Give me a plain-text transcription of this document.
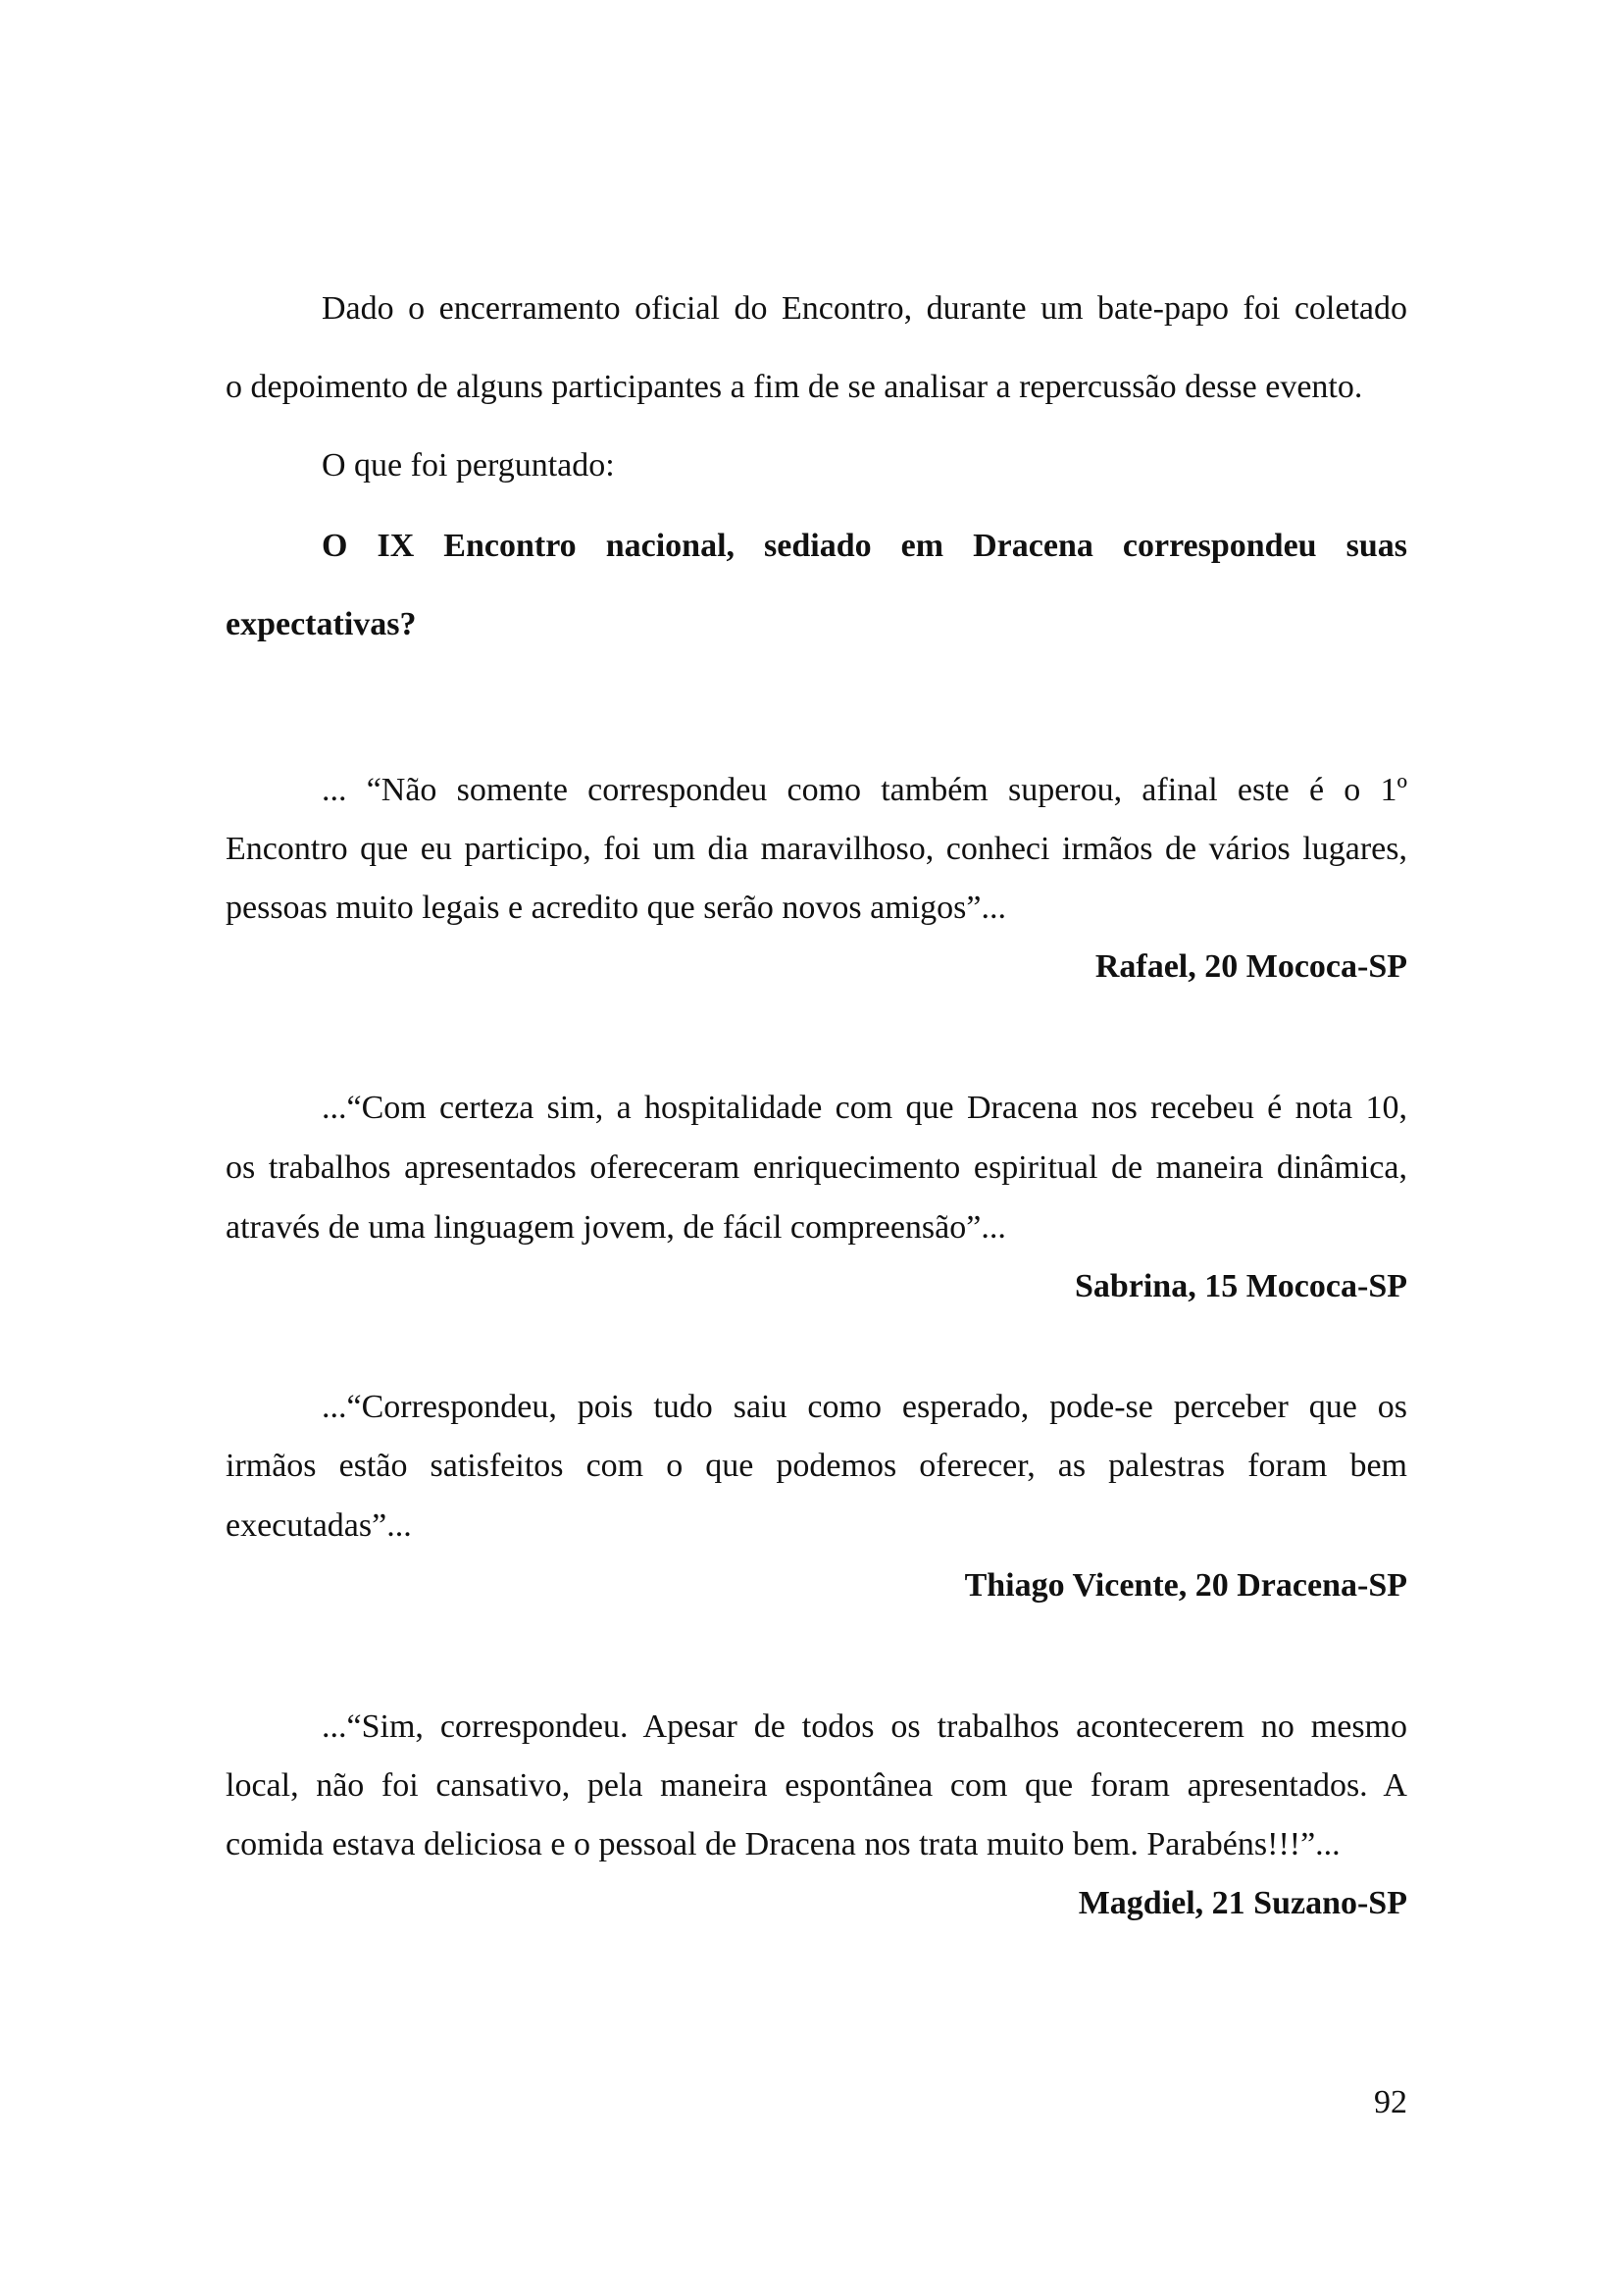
Dado o encerramento oficial do Encontro, durante um bate-papo foi coletado
o depoimento de alguns participantes a fim de se analisar a repercussão desse evento.
O que foi perguntado:
O IX Encontro nacional, sediado em Dracena correspondeu suas
expectativas?
... “Não somente correspondeu como também superou, afinal este é o 1º
Encontro que eu participo, foi um dia maravilhoso, conheci irmãos de vários lugares,
pessoas muito legais e acredito que serão novos amigos”...
Rafael, 20 Mococa-SP
...“Com certeza sim, a hospitalidade com que Dracena nos recebeu é nota 10,
os trabalhos apresentados ofereceram enriquecimento espiritual de maneira dinâmica,
através de uma linguagem jovem, de fácil compreensão”...
Sabrina, 15 Mococa-SP
...“Correspondeu, pois tudo saiu como esperado, pode-se perceber que os
irmãos estão satisfeitos com o que podemos oferecer, as palestras foram bem
executadas”...
Thiago Vicente, 20 Dracena-SP
...“Sim, correspondeu. Apesar de todos os trabalhos acontecerem no mesmo
local, não foi cansativo, pela maneira espontânea com que foram apresentados. A
comida estava deliciosa e o pessoal de Dracena nos trata muito bem. Parabéns!!!”...
Magdiel, 21 Suzano-SP
92
